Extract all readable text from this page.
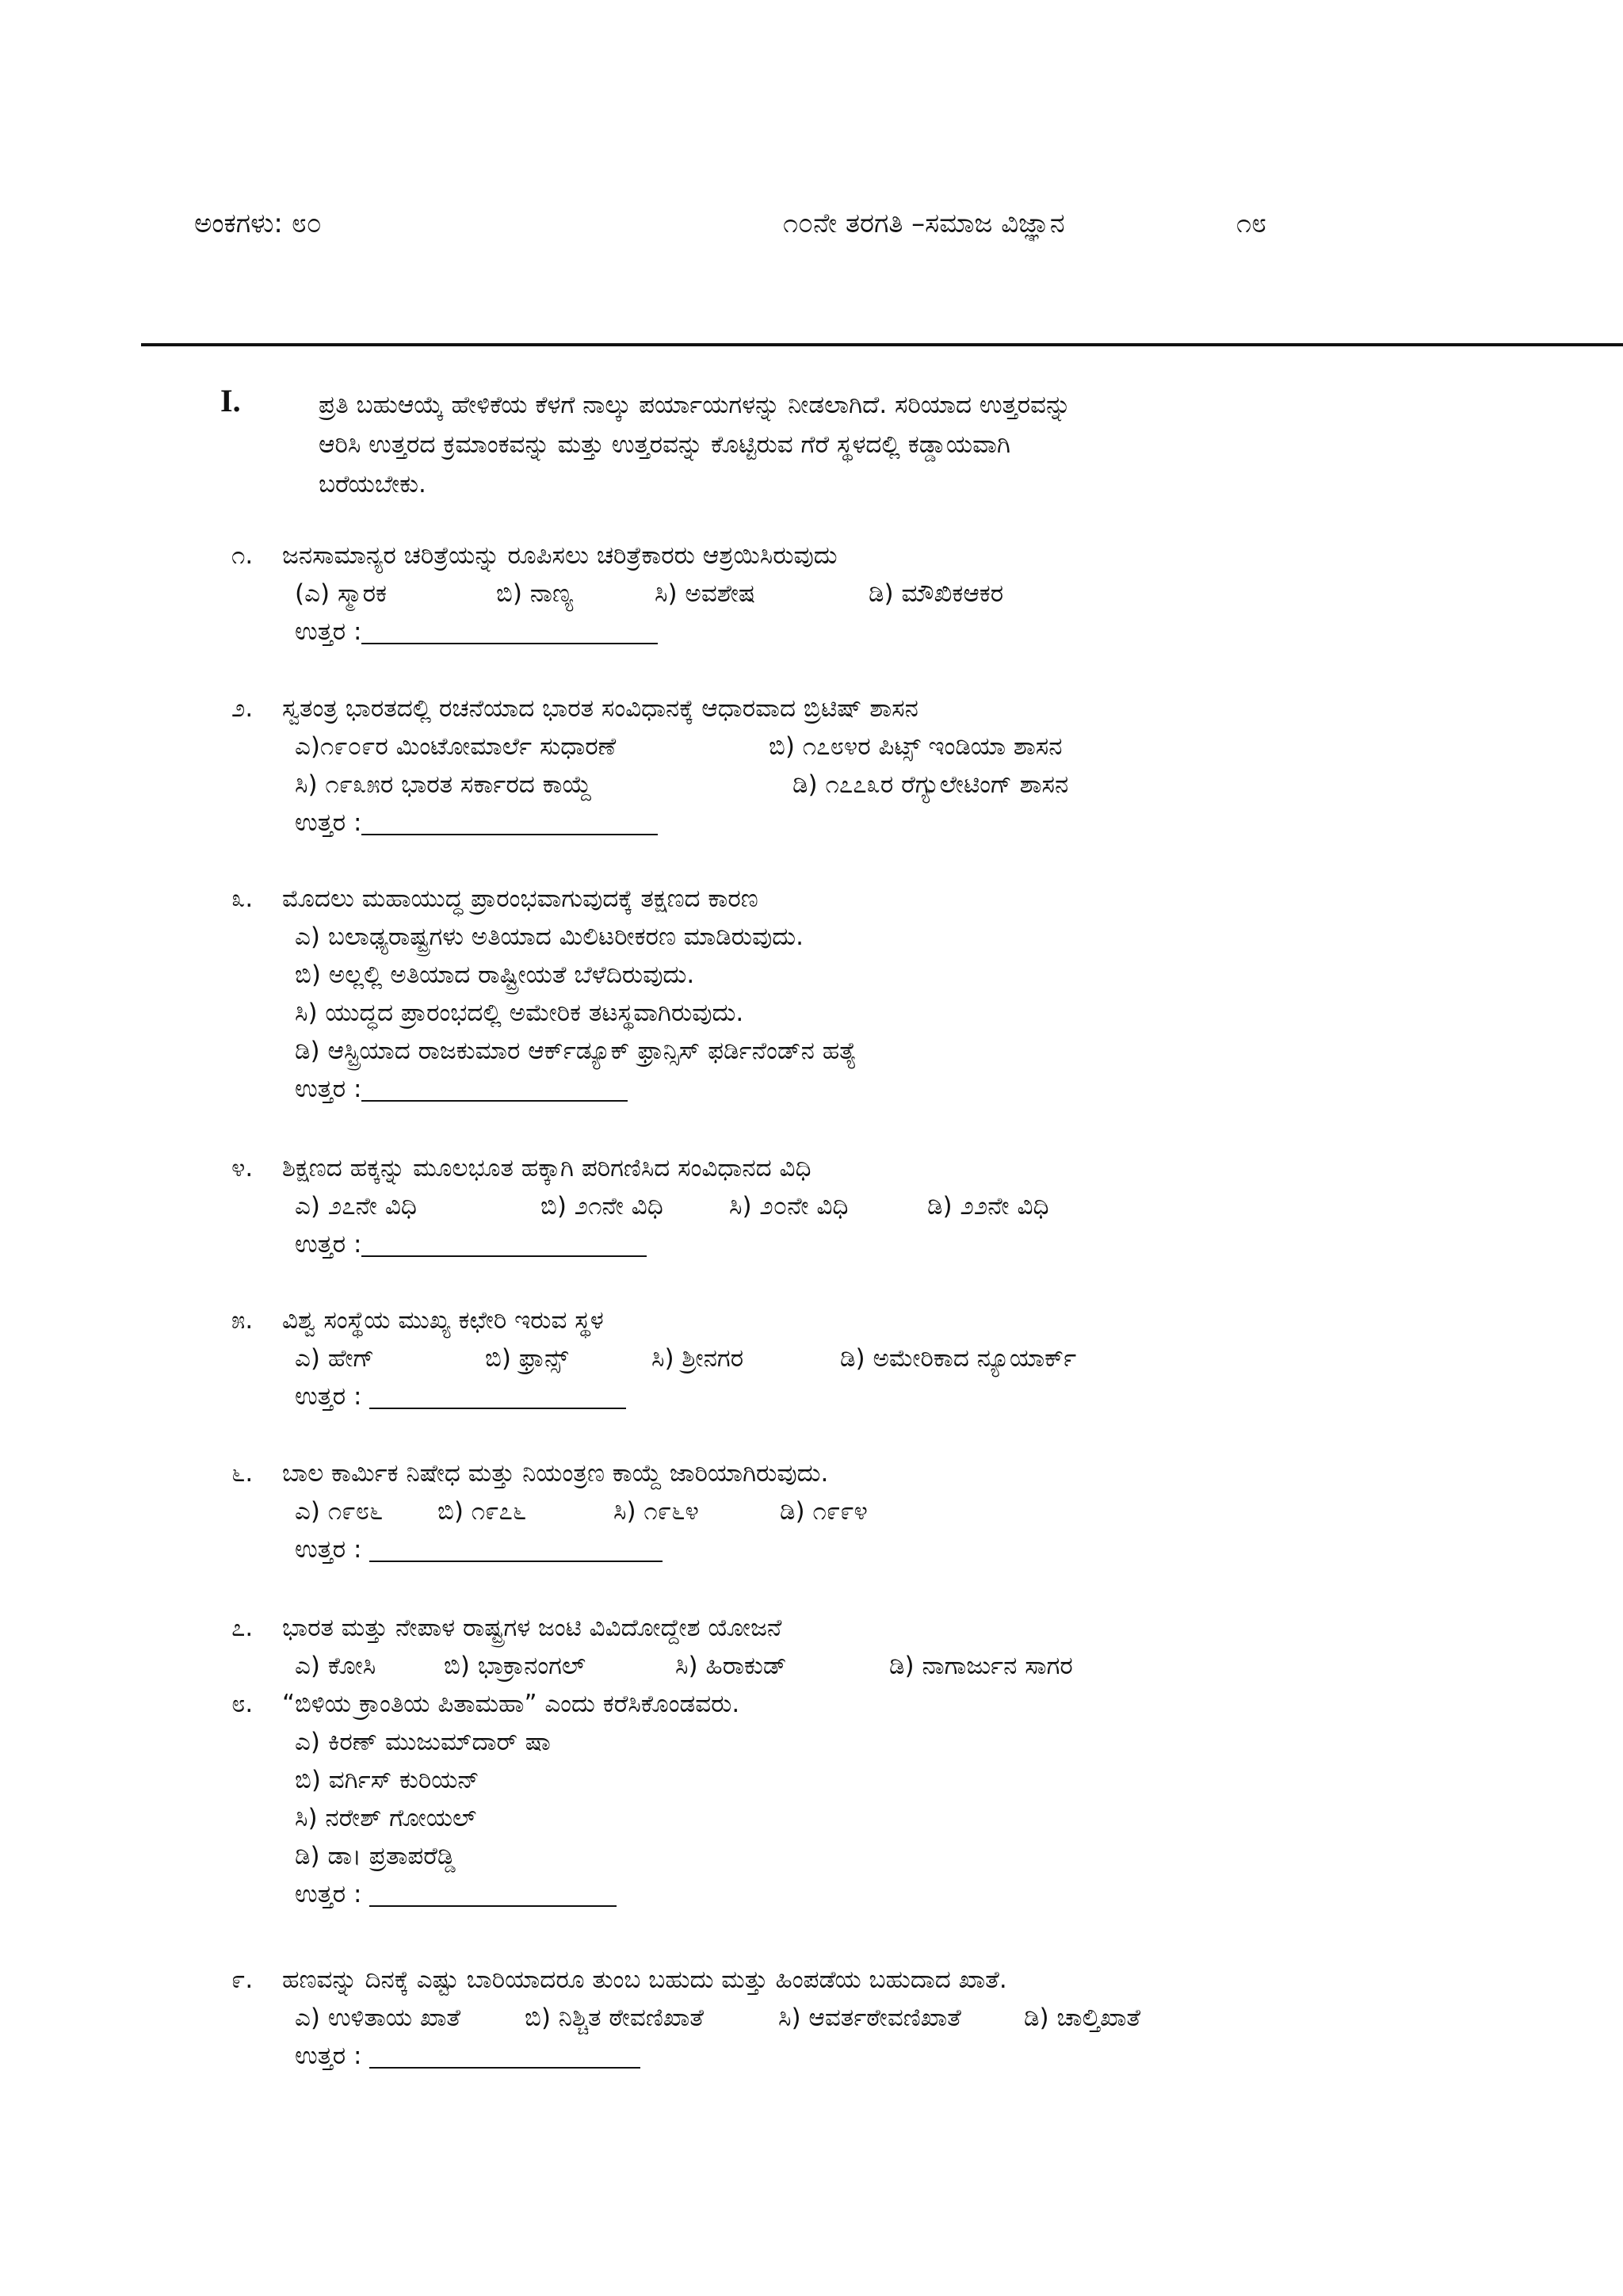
ಅಂಕಗಳು: ೮೦	೧೦ನೇ ತರಗತಿ –ಸಮಾಜ ವಿಜ್ಞಾನ	೧೮
I.	ಪ್ರತಿ ಬಹುಆಯ್ಕೆ ಹೇಳಿಕೆಯ ಕೆಳಗೆ ನಾಲ್ಕು ಪರ್ಯಾಯಗಳನ್ನು ನೀಡಲಾಗಿದೆ. ಸರಿಯಾದ ಉತ್ತರವನ್ನು
ಆರಿಸಿ ಉತ್ತರದ ಕ್ರಮಾಂಕವನ್ನು ಮತ್ತು ಉತ್ತರವನ್ನು ಕೊಟ್ಟಿರುವ ಗೆರೆ ಸ್ಥಳದಲ್ಲಿ ಕಡ್ಡಾಯವಾಗಿ
ಬರೆಯಬೇಕು.
೧. ಜನಸಾಮಾನ್ಯರ ಚರಿತ್ರೆಯನ್ನು ರೂಪಿಸಲು ಚರಿತ್ರೆಕಾರರು ಆಶ್ರಯಿಸಿರುವುದು
(ಎ) ಸ್ಮಾರಕ	ಬಿ) ನಾಣ್ಯ	ಸಿ) ಅವಶೇಷ	ಡಿ) ಮೌಖಿಕಆಕರ
ಉತ್ತರ :
೨. ಸ್ವತಂತ್ರ ಭಾರತದಲ್ಲಿ ರಚನೆಯಾದ ಭಾರತ ಸಂವಿಧಾನಕ್ಕೆ ಆಧಾರವಾದ ಬ್ರಿಟಿಷ್ ಶಾಸನ
ಎ)೧೯೦೯ರ ಮಿಂಟೋಮಾರ್ಲೆ ಸುಧಾರಣೆ	ಬಿ) ೧೭೮೪ರ ಪಿಟ್ಸ್ ಇಂಡಿಯಾ ಶಾಸನ
ಸಿ) ೧೯೩೫ರ ಭಾರತ ಸರ್ಕಾರದ ಕಾಯ್ದೆ	ಡಿ) ೧೭೭೩ರ ರೆಗ್ಯುಲೇಟಿಂಗ್ ಶಾಸನ
ಉತ್ತರ :
೩. ಮೊದಲು ಮಹಾಯುದ್ಧ ಪ್ರಾರಂಭವಾಗುವುದಕ್ಕೆ ತಕ್ಷಣದ ಕಾರಣ
ಎ) ಬಲಾಢ್ಯರಾಷ್ಟ್ರಗಳು ಅತಿಯಾದ ಮಿಲಿಟರೀಕರಣ ಮಾಡಿರುವುದು.
ಬಿ) ಅಲ್ಲಲ್ಲಿ ಅತಿಯಾದ ರಾಷ್ಟ್ರೀಯತೆ ಬೆಳೆದಿರುವುದು.
ಸಿ) ಯುದ್ಧದ ಪ್ರಾರಂಭದಲ್ಲಿ ಅಮೇರಿಕ ತಟಸ್ಥವಾಗಿರುವುದು.
ಡಿ) ಆಸ್ಟ್ರಿಯಾದ ರಾಜಕುಮಾರ ಆರ್ಕ್‌ಡ್ಯೂಕ್ ಫ್ರಾನ್ಸಿಸ್ ಫರ್ಡಿನೆಂಡ್‌ನ ಹತ್ಯೆ
ಉತ್ತರ :
೪. ಶಿಕ್ಷಣದ ಹಕ್ಕನ್ನು ಮೂಲಭೂತ ಹಕ್ಕಾಗಿ ಪರಿಗಣಿಸಿದ ಸಂವಿಧಾನದ ವಿಧಿ
ಎ) ೨೭ನೇ ವಿಧಿ	ಬಿ) ೨೧ನೇ ವಿಧಿ	ಸಿ) ೨೦ನೇ ವಿಧಿ	ಡಿ) ೨೨ನೇ ವಿಧಿ
ಉತ್ತರ :
೫. ವಿಶ್ವ ಸಂಸ್ಥೆಯ ಮುಖ್ಯ ಕಛೇರಿ ಇರುವ ಸ್ಥಳ
ಎ) ಹೇಗ್	ಬಿ) ಫ್ರಾನ್ಸ್	ಸಿ) ಶ್ರೀನಗರ	ಡಿ) ಅಮೇರಿಕಾದ ನ್ಯೂಯಾರ್ಕ್
ಉತ್ತರ :
೬. ಬಾಲ ಕಾರ್ಮಿಕ ನಿಷೇಧ ಮತ್ತು ನಿಯಂತ್ರಣ ಕಾಯ್ದೆ ಜಾರಿಯಾಗಿರುವುದು.
ಎ) ೧೯೮೬ ಬಿ) ೧೯೭೬	ಸಿ) ೧೯೬೪	ಡಿ) ೧೯೯೪
ಉತ್ತರ :
೭. ಭಾರತ ಮತ್ತು ನೇಪಾಳ ರಾಷ್ಟ್ರಗಳ ಜಂಟಿ ವಿವಿದೋದ್ದೇಶ ಯೋಜನೆ
ಎ) ಕೋಸಿ	ಬಿ) ಭಾಕ್ರಾನಂಗಲ್	ಸಿ) ಹಿರಾಕುಡ್	ಡಿ) ನಾಗಾರ್ಜುನ ಸಾಗರ
೮. “ಬಿಳಿಯ ಕ್ರಾಂತಿಯ ಪಿತಾಮಹಾ” ಎಂದು ಕರೆಸಿಕೊಂಡವರು.
ಎ) ಕಿರಣ್ ಮುಜುಮ್‌ದಾರ್ ಷಾ
ಬಿ) ವರ್ಗಿಸ್ ಕುರಿಯನ್
ಸಿ) ನರೇಶ್ ಗೋಯಲ್
ಡಿ) ಡಾ। ಪ್ರತಾಪರೆಡ್ಡಿ
ಉತ್ತರ :
೯. ಹಣವನ್ನು ದಿನಕ್ಕೆ ಎಷ್ಟು ಬಾರಿಯಾದರೂ ತುಂಬ ಬಹುದು ಮತ್ತು ಹಿಂಪಡೆಯ ಬಹುದಾದ ಖಾತೆ.
ಎ) ಉಳಿತಾಯ ಖಾತೆ	ಬಿ) ನಿಶ್ಚಿತ ಠೇವಣಿಖಾತೆ	ಸಿ) ಆವರ್ತಠೇವಣಿಖಾತೆ	ಡಿ) ಚಾಲ್ತಿಖಾತೆ
ಉತ್ತರ :
